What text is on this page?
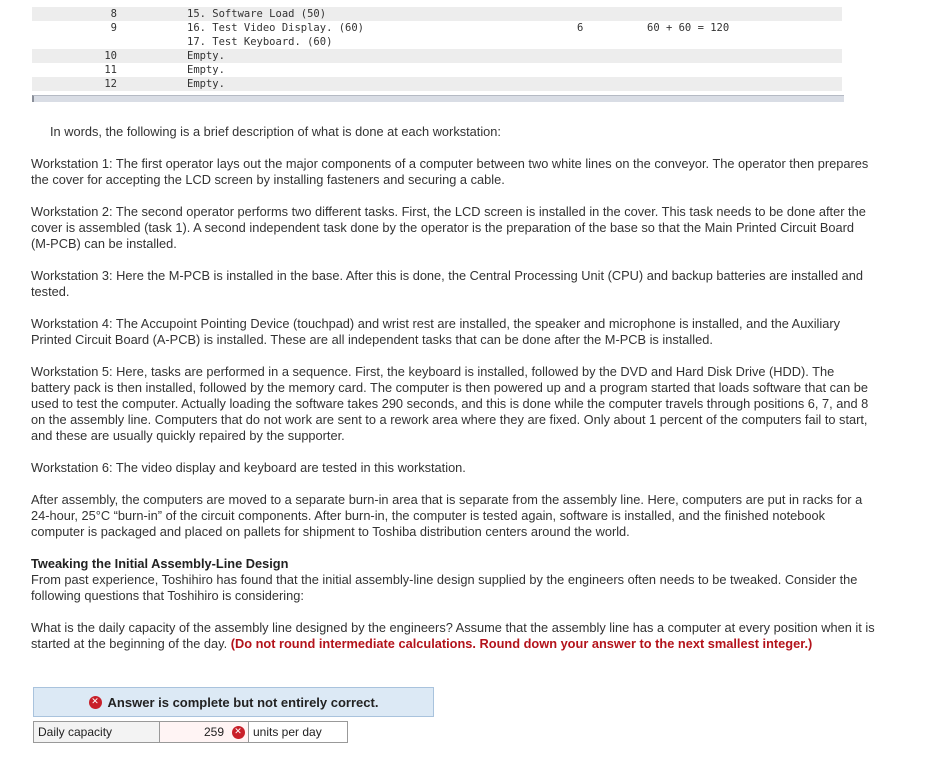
8	15. Software Load (50)
9	16. Test Video Display. (60)	6	60 + 60 = 120
17. Test Keyboard. (60)
10	Empty.
11	Empty.
12	Empty.
In words, the following is a brief description of what is done at each workstation:
Workstation 1: The first operator lays out the major components of a computer between two white lines on the conveyor. The operator then prepares the cover for accepting the LCD screen by installing fasteners and securing a cable.
Workstation 2: The second operator performs two different tasks. First, the LCD screen is installed in the cover. This task needs to be done after the cover is assembled (task 1). A second independent task done by the operator is the preparation of the base so that the Main Printed Circuit Board (M-PCB) can be installed.
Workstation 3: Here the M-PCB is installed in the base. After this is done, the Central Processing Unit (CPU) and backup batteries are installed and tested.
Workstation 4: The Accupoint Pointing Device (touchpad) and wrist rest are installed, the speaker and microphone is installed, and the Auxiliary Printed Circuit Board (A-PCB) is installed. These are all independent tasks that can be done after the M-PCB is installed.
Workstation 5: Here, tasks are performed in a sequence. First, the keyboard is installed, followed by the DVD and Hard Disk Drive (HDD). The battery pack is then installed, followed by the memory card. The computer is then powered up and a program started that loads software that can be used to test the computer. Actually loading the software takes 290 seconds, and this is done while the computer travels through positions 6, 7, and 8 on the assembly line. Computers that do not work are sent to a rework area where they are fixed. Only about 1 percent of the computers fail to start, and these are usually quickly repaired by the supporter.
Workstation 6: The video display and keyboard are tested in this workstation.
After assembly, the computers are moved to a separate burn-in area that is separate from the assembly line. Here, computers are put in racks for a 24-hour, 25°C “burn-in” of the circuit components. After burn-in, the computer is tested again, software is installed, and the finished notebook computer is packaged and placed on pallets for shipment to Toshiba distribution centers around the world.
Tweaking the Initial Assembly-Line Design
From past experience, Toshihiro has found that the initial assembly-line design supplied by the engineers often needs to be tweaked. Consider the following questions that Toshihiro is considering:
What is the daily capacity of the assembly line designed by the engineers? Assume that the assembly line has a computer at every position when it is started at the beginning of the day. (Do not round intermediate calculations. Round down your answer to the next smallest integer.)
✕ Answer is complete but not entirely correct.
Daily capacity	259	✕ units per day
